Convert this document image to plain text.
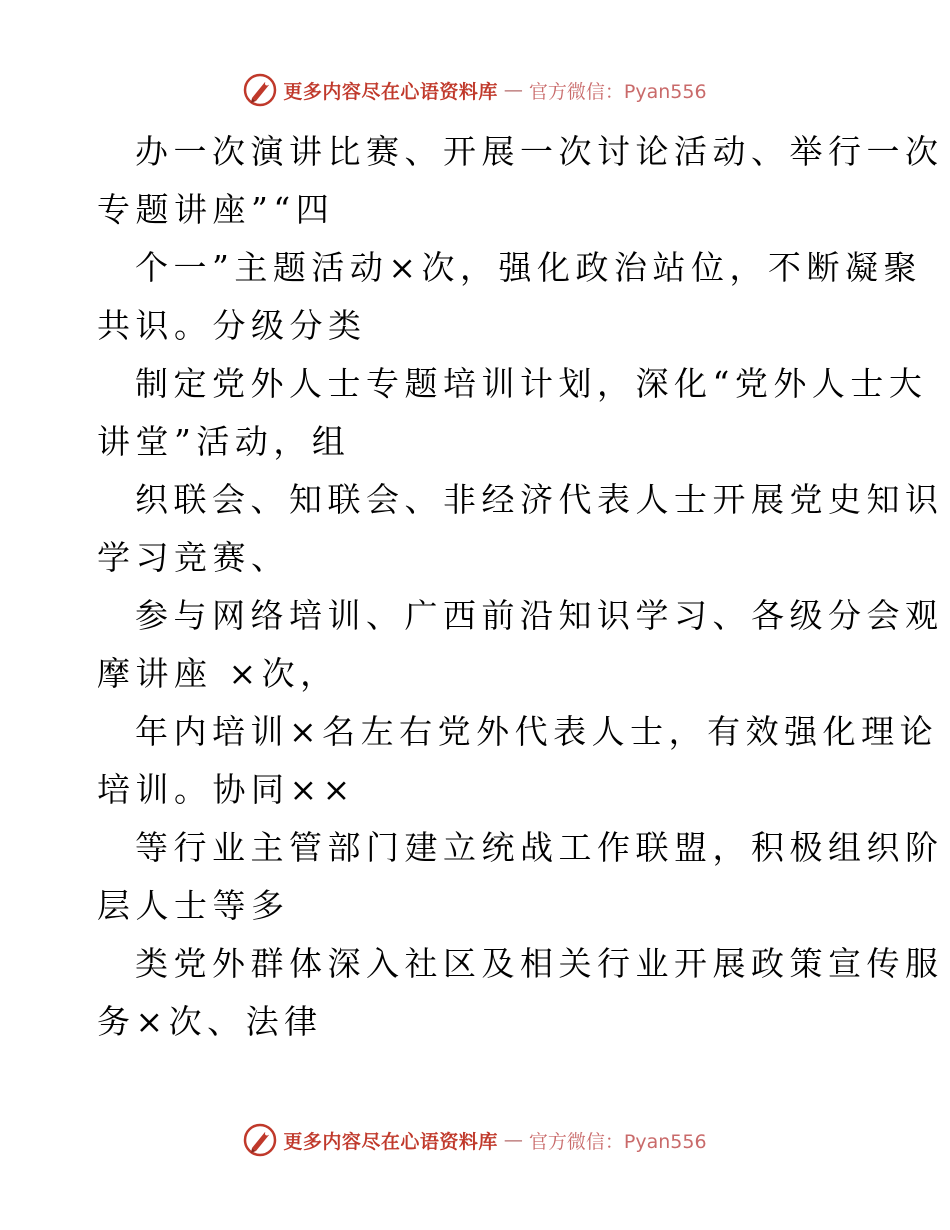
更多内容尽在心语资料库 — 官方微信：Pyan556
办一次演讲比赛、开展一次讨论活动、举行一次
专题讲座”“四
个一”主题活动×次，强化政治站位，不断凝聚
共识。分级分类
制定党外人士专题培训计划，深化“党外人士大
讲堂”活动，组
织联会、知联会、非经济代表人士开展党史知识
学习竞赛、
参与网络培训、广西前沿知识学习、各级分会观
摩讲座 ×次，
年内培训×名左右党外代表人士，有效强化理论
培训。协同××
等行业主管部门建立统战工作联盟，积极组织阶
层人士等多
类党外群体深入社区及相关行业开展政策宣传服
务×次、法律
更多内容尽在心语资料库 — 官方微信：Pyan556
